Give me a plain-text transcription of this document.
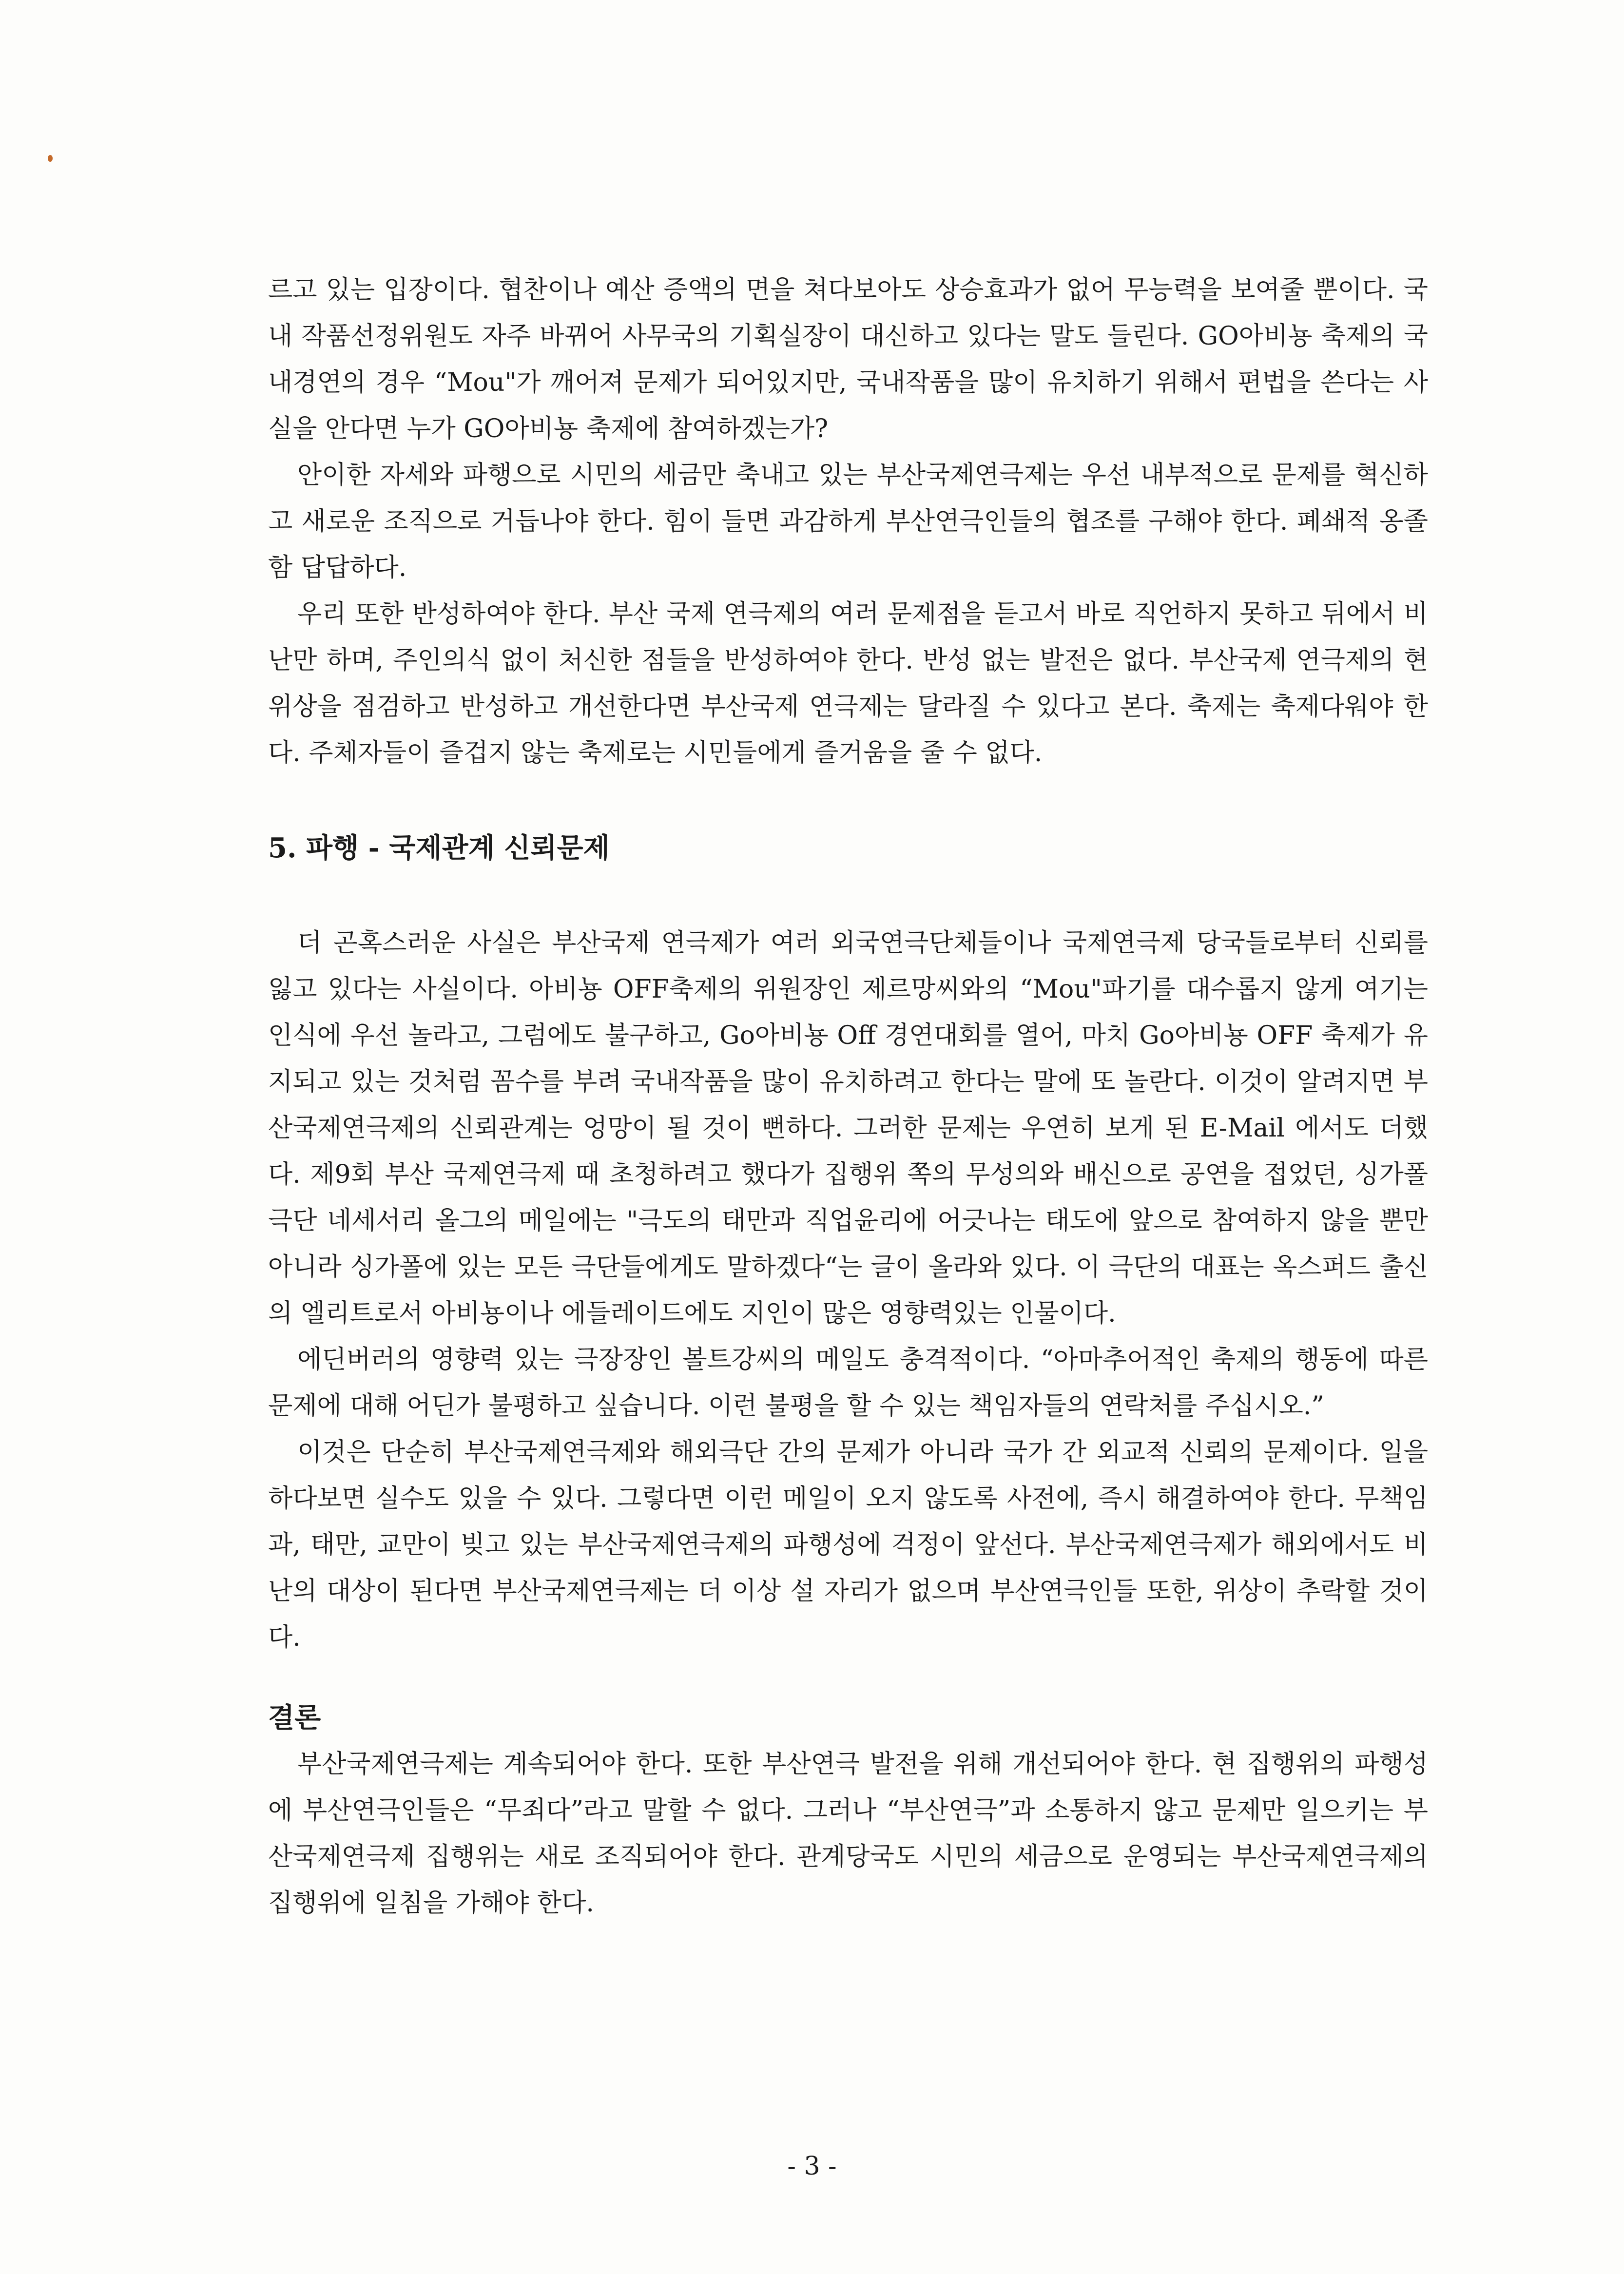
르고 있는 입장이다. 협찬이나 예산 증액의 면을 쳐다보아도 상승효과가 없어 무능력을 보여줄 뿐이다. 국내 작품선정위원도 자주 바뀌어 사무국의 기획실장이 대신하고 있다는 말도 들린다. GO아비뇽 축제의 국내경연의 경우 “Mou"가 깨어져 문제가 되어있지만, 국내작품을 많이 유치하기 위해서 편법을 쓴다는 사실을 안다면 누가 GO아비뇽 축제에 참여하겠는가?

안이한 자세와 파행으로 시민의 세금만 축내고 있는 부산국제연극제는 우선 내부적으로 문제를 혁신하고 새로운 조직으로 거듭나야 한다. 힘이 들면 과감하게 부산연극인들의 협조를 구해야 한다. 폐쇄적 옹졸함 답답하다.

우리 또한 반성하여야 한다. 부산 국제 연극제의 여러 문제점을 듣고서 바로 직언하지 못하고 뒤에서 비난만 하며, 주인의식 없이 처신한 점들을 반성하여야 한다. 반성 없는 발전은 없다. 부산국제 연극제의 현 위상을 점검하고 반성하고 개선한다면 부산국제 연극제는 달라질 수 있다고 본다. 축제는 축제다워야 한다. 주체자들이 즐겁지 않는 축제로는 시민들에게 즐거움을 줄 수 없다.

5. 파행 - 국제관계 신뢰문제

더 곤혹스러운 사실은 부산국제 연극제가 여러 외국연극단체들이나 국제연극제 당국들로부터 신뢰를 잃고 있다는 사실이다. 아비뇽 OFF축제의 위원장인 제르망씨와의 “Mou"파기를 대수롭지 않게 여기는 인식에 우선 놀라고, 그럼에도 불구하고, Go아비뇽 Off 경연대회를 열어, 마치 Go아비뇽 OFF 축제가 유지되고 있는 것처럼 꼼수를 부려 국내작품을 많이 유치하려고 한다는 말에 또 놀란다. 이것이 알려지면 부산국제연극제의 신뢰관계는 엉망이 될 것이 뻔하다. 그러한 문제는 우연히 보게 된 E-Mail 에서도 더했다. 제9회 부산 국제연극제 때 초청하려고 했다가 집행위 쪽의 무성의와 배신으로 공연을 접었던, 싱가폴 극단 네세서리 올그의 메일에는 "극도의 태만과 직업윤리에 어긋나는 태도에 앞으로 참여하지 않을 뿐만 아니라 싱가폴에 있는 모든 극단들에게도 말하겠다“는 글이 올라와 있다. 이 극단의 대표는 옥스퍼드 출신의 엘리트로서 아비뇽이나 에들레이드에도 지인이 많은 영향력있는 인물이다.

에딘버러의 영향력 있는 극장장인 볼트강씨의 메일도 충격적이다. “아마추어적인 축제의 행동에 따른 문제에 대해 어딘가 불평하고 싶습니다. 이런 불평을 할 수 있는 책임자들의 연락처를 주십시오.”

이것은 단순히 부산국제연극제와 해외극단 간의 문제가 아니라 국가 간 외교적 신뢰의 문제이다. 일을 하다보면 실수도 있을 수 있다. 그렇다면 이런 메일이 오지 않도록 사전에, 즉시 해결하여야 한다. 무책임과, 태만, 교만이 빚고 있는 부산국제연극제의 파행성에 걱정이 앞선다. 부산국제연극제가 해외에서도 비난의 대상이 된다면 부산국제연극제는 더 이상 설 자리가 없으며 부산연극인들 또한, 위상이 추락할 것이다.

결론

부산국제연극제는 계속되어야 한다. 또한 부산연극 발전을 위해 개선되어야 한다. 현 집행위의 파행성에 부산연극인들은 “무죄다”라고 말할 수 없다. 그러나 “부산연극”과 소통하지 않고 문제만 일으키는 부산국제연극제 집행위는 새로 조직되어야 한다. 관계당국도 시민의 세금으로 운영되는 부산국제연극제의 집행위에 일침을 가해야 한다.

- 3 -
